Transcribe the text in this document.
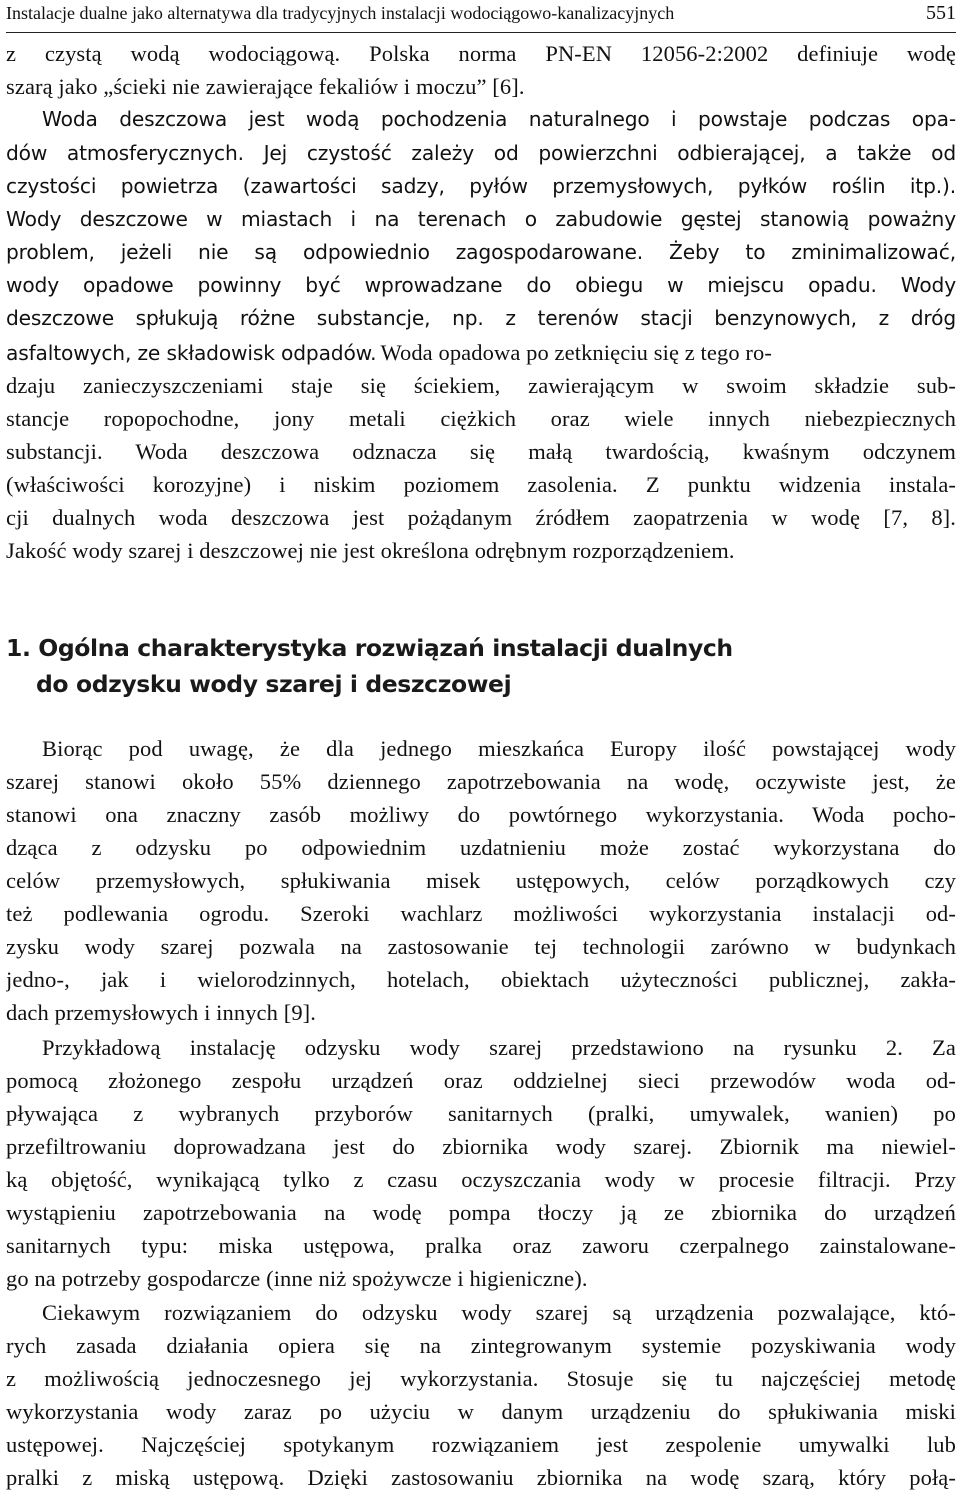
Instalacje dualne jako alternatywa dla tradycyjnych instalacji wodociągowo-kanalizacyjnych	551
z czystą wodą wodociągową. Polska norma PN-EN 12056-2:2002 definiuje wodę
szarą jako „ścieki nie zawierające fekaliów i moczu” [6].
Woda deszczowa jest wodą pochodzenia naturalnego i powstaje podczas opa-
dów atmosferycznych. Jej czystość zależy od powierzchni odbierającej, a także od
czystości powietrza (zawartości sadzy, pyłów przemysłowych, pyłków roślin itp.).
Wody deszczowe w miastach i na terenach o zabudowie gęstej stanowią poważny
problem, jeżeli nie są odpowiednio zagospodarowane. Żeby to zminimalizować,
wody opadowe powinny być wprowadzane do obiegu w miejscu opadu. Wody
deszczowe spłukują różne substancje, np. z terenów stacji benzynowych, z dróg
asfaltowych, ze składowisk odpadów. Woda opadowa po zetknięciu się z tego ro-
dzaju zanieczyszczeniami staje się ściekiem, zawierającym w swoim składzie sub-
stancje ropopochodne, jony metali ciężkich oraz wiele innych niebezpiecznych
substancji. Woda deszczowa odznacza się małą twardością, kwaśnym odczynem
(właściwości korozyjne) i niskim poziomem zasolenia. Z punktu widzenia instala-
cji dualnych woda deszczowa jest pożądanym źródłem zaopatrzenia w wodę [7, 8].
Jakość wody szarej i deszczowej nie jest określona odrębnym rozporządzeniem.
1. Ogólna charakterystyka rozwiązań instalacji dualnych
do odzysku wody szarej i deszczowej
Biorąc pod uwagę, że dla jednego mieszkańca Europy ilość powstającej wody
szarej stanowi około 55% dziennego zapotrzebowania na wodę, oczywiste jest, że
stanowi ona znaczny zasób możliwy do powtórnego wykorzystania. Woda pocho-
dząca z odzysku po odpowiednim uzdatnieniu może zostać wykorzystana do
celów przemysłowych, spłukiwania misek ustępowych, celów porządkowych czy
też podlewania ogrodu. Szeroki wachlarz możliwości wykorzystania instalacji od-
zysku wody szarej pozwala na zastosowanie tej technologii zarówno w budynkach
jedno-, jak i wielorodzinnych, hotelach, obiektach użyteczności publicznej, zakła-
dach przemysłowych i innych [9].
Przykładową instalację odzysku wody szarej przedstawiono na rysunku 2. Za
pomocą złożonego zespołu urządzeń oraz oddzielnej sieci przewodów woda od-
pływająca z wybranych przyborów sanitarnych (pralki, umywalek, wanien) po
przefiltrowaniu doprowadzana jest do zbiornika wody szarej. Zbiornik ma niewiel-
ką objętość, wynikającą tylko z czasu oczyszczania wody w procesie filtracji. Przy
wystąpieniu zapotrzebowania na wodę pompa tłoczy ją ze zbiornika do urządzeń
sanitarnych typu: miska ustępowa, pralka oraz zaworu czerpalnego zainstalowane-
go na potrzeby gospodarcze (inne niż spożywcze i higieniczne).
Ciekawym rozwiązaniem do odzysku wody szarej są urządzenia pozwalające, któ-
rych zasada działania opiera się na zintegrowanym systemie pozyskiwania wody
z możliwością jednoczesnego jej wykorzystania. Stosuje się tu najczęściej metodę
wykorzystania wody zaraz po użyciu w danym urządzeniu do spłukiwania miski
ustępowej. Najczęściej spotykanym rozwiązaniem jest zespolenie umywalki lub
pralki z miską ustępową. Dzięki zastosowaniu zbiornika na wodę szarą, który połą-
